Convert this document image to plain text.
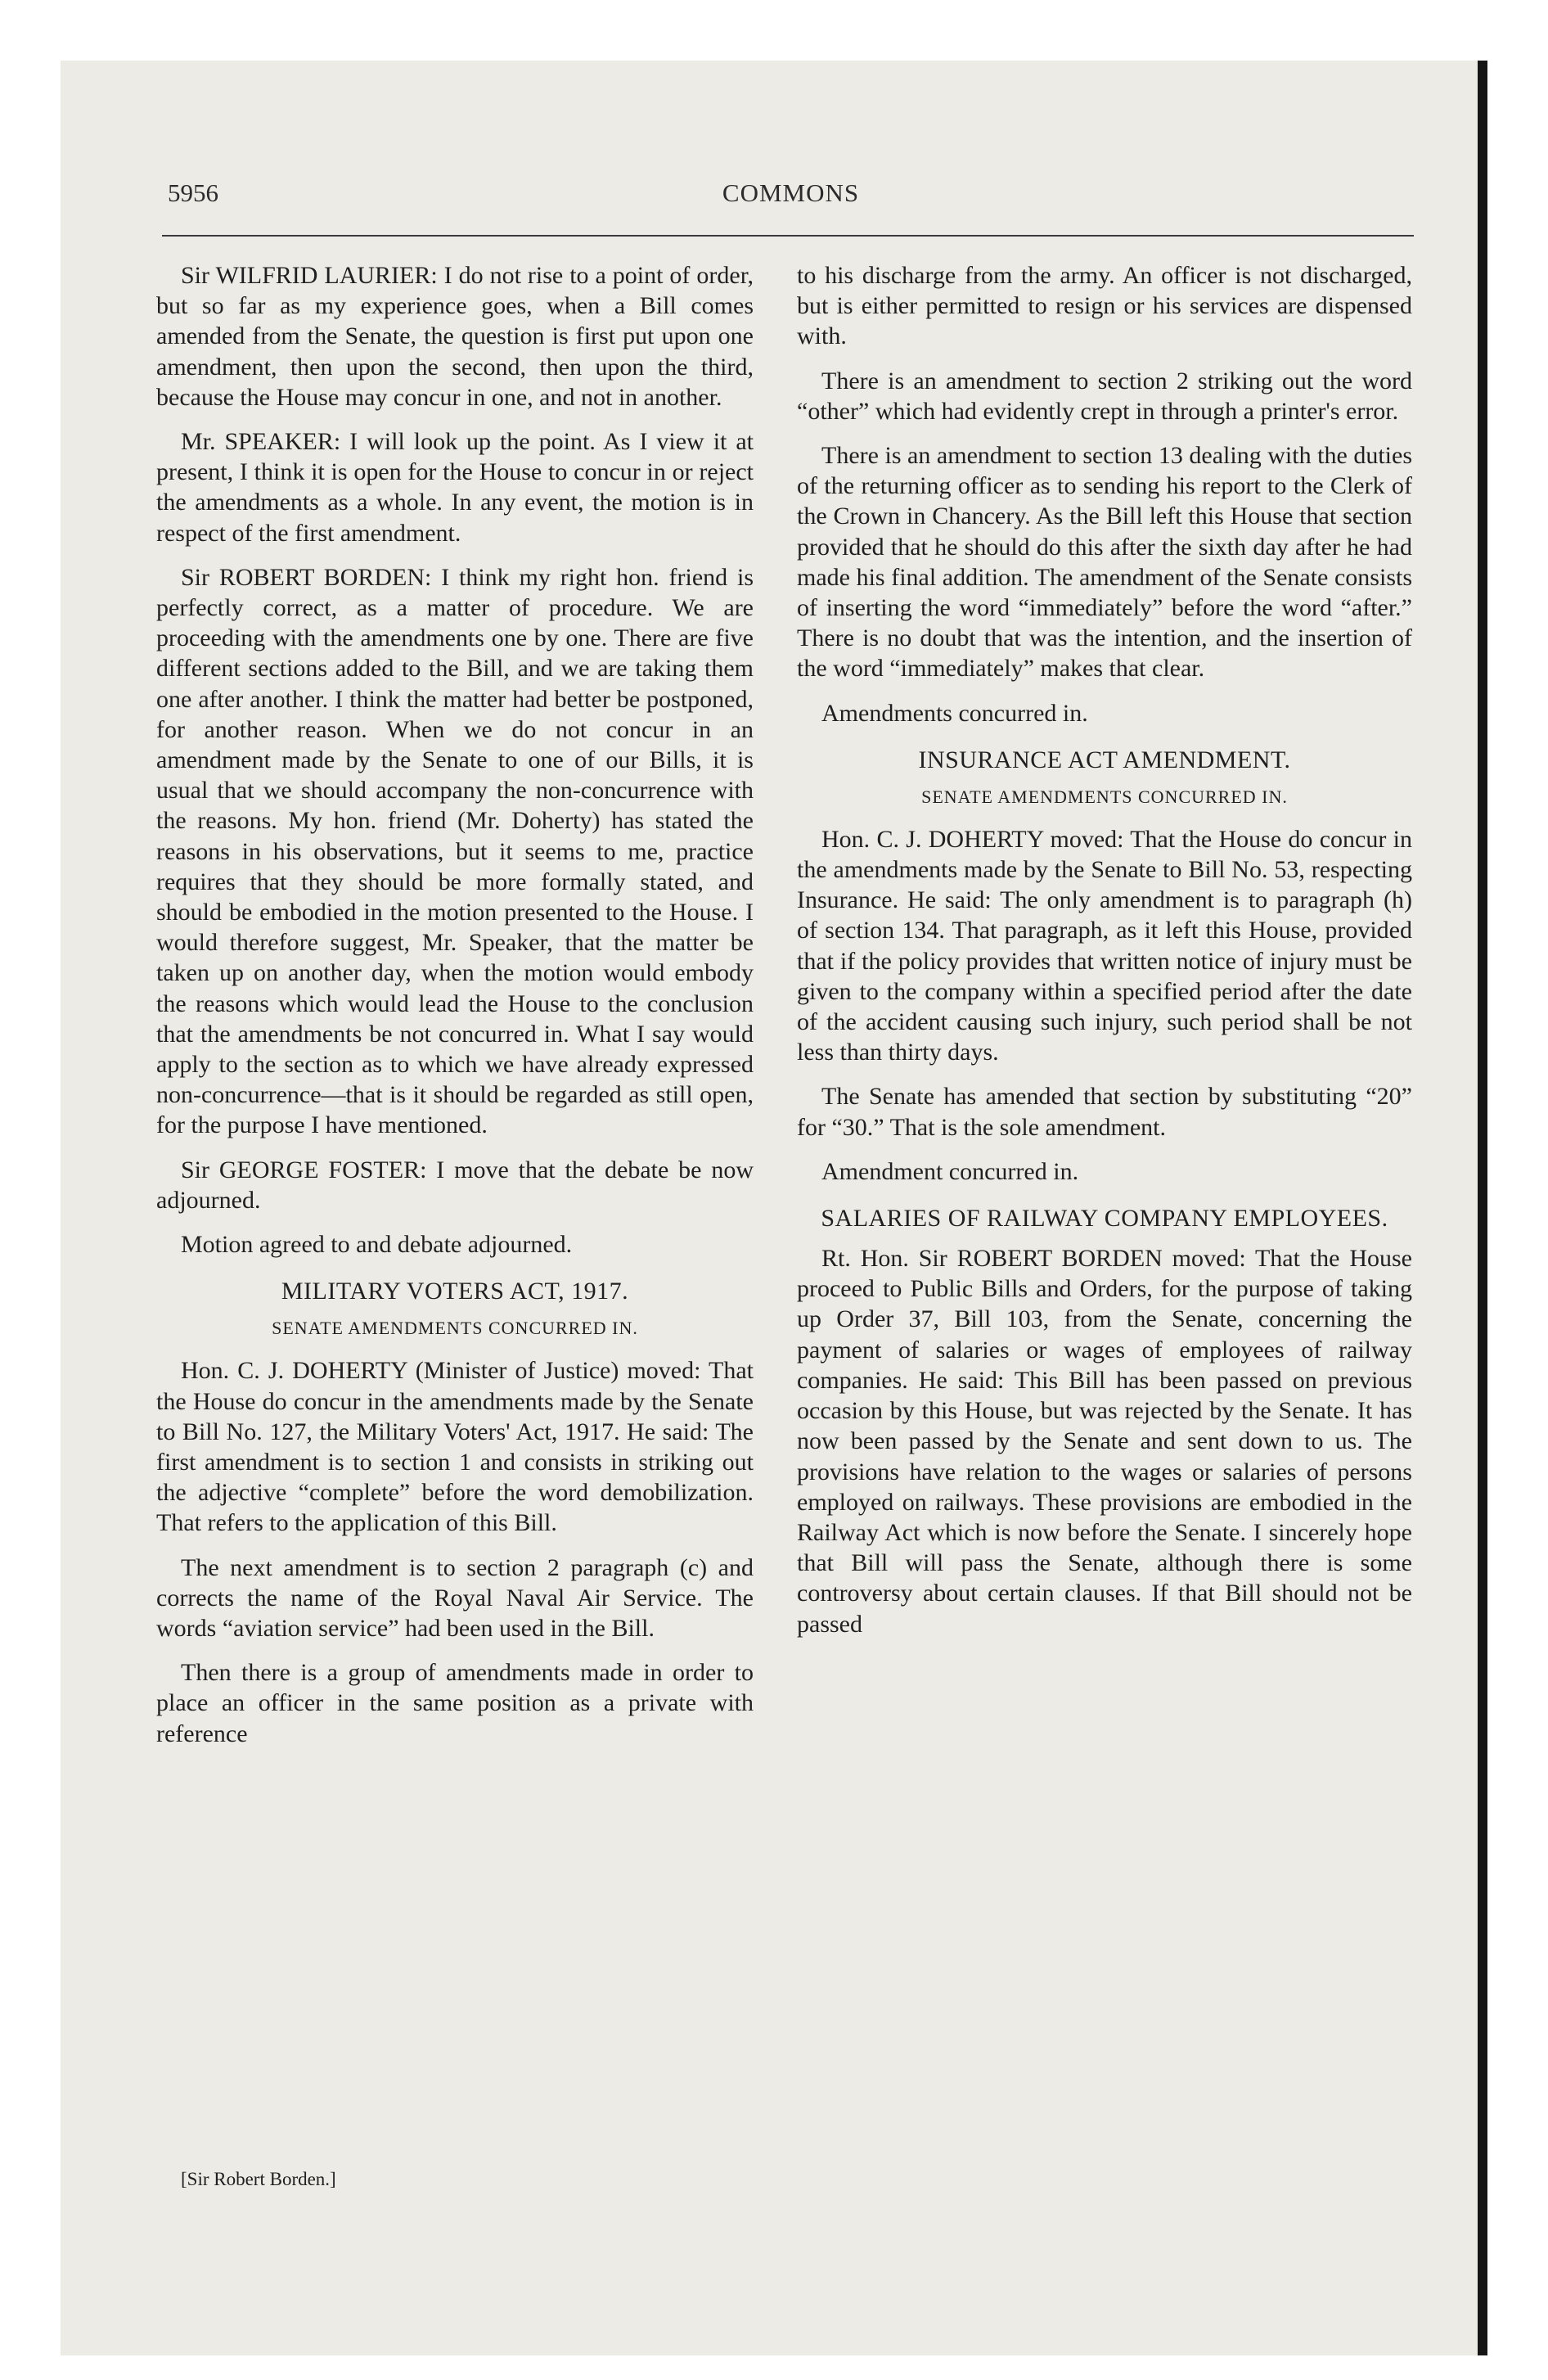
5956	COMMONS

Sir WILFRID LAURIER: I do not rise to a point of order, but so far as my experience goes, when a Bill comes amended from the Senate, the question is first put upon one amendment, then upon the second, then upon the third, because the House may concur in one, and not in another.

Mr. SPEAKER: I will look up the point. As I view it at present, I think it is open for the House to concur in or reject the amendments as a whole. In any event, the motion is in respect of the first amendment.

Sir ROBERT BORDEN: I think my right hon. friend is perfectly correct, as a matter of procedure. We are proceeding with the amendments one by one. There are five different sections added to the Bill, and we are taking them one after another. I think the matter had better be postponed, for another reason. When we do not concur in an amendment made by the Senate to one of our Bills, it is usual that we should accompany the non-concurrence with the reasons. My hon. friend (Mr. Doherty) has stated the reasons in his observations, but it seems to me, practice requires that they should be more formally stated, and should be embodied in the motion presented to the House. I would therefore suggest, Mr. Speaker, that the matter be taken up on another day, when the motion would embody the reasons which would lead the House to the conclusion that the amendments be not concurred in. What I say would apply to the section as to which we have already expressed non-concurrence—that is it should be regarded as still open, for the purpose I have mentioned.

Sir GEORGE FOSTER: I move that the debate be now adjourned.

Motion agreed to and debate adjourned.

MILITARY VOTERS ACT, 1917.
SENATE AMENDMENTS CONCURRED IN.

Hon. C. J. DOHERTY (Minister of Justice) moved: That the House do concur in the amendments made by the Senate to Bill No. 127, the Military Voters' Act, 1917. He said: The first amendment is to section 1 and consists in striking out the adjective “complete” before the word demobilization. That refers to the application of this Bill.

The next amendment is to section 2 paragraph (c) and corrects the name of the Royal Naval Air Service. The words “aviation service” had been used in the Bill.

Then there is a group of amendments made in order to place an officer in the same position as a private with reference

to his discharge from the army. An officer is not discharged, but is either permitted to resign or his services are dispensed with.

There is an amendment to section 2 striking out the word “other” which had evidently crept in through a printer's error.

There is an amendment to section 13 dealing with the duties of the returning officer as to sending his report to the Clerk of the Crown in Chancery. As the Bill left this House that section provided that he should do this after the sixth day after he had made his final addition. The amendment of the Senate consists of inserting the word “immediately” before the word “after.” There is no doubt that was the intention, and the insertion of the word “immediately” makes that clear.

Amendments concurred in.

INSURANCE ACT AMENDMENT.
SENATE AMENDMENTS CONCURRED IN.

Hon. C. J. DOHERTY moved: That the House do concur in the amendments made by the Senate to Bill No. 53, respecting Insurance. He said: The only amendment is to paragraph (h) of section 134. That paragraph, as it left this House, provided that if the policy provides that written notice of injury must be given to the company within a specified period after the date of the accident causing such injury, such period shall be not less than thirty days.

The Senate has amended that section by substituting “20” for “30.” That is the sole amendment.

Amendment concurred in.

SALARIES OF RAILWAY COMPANY EMPLOYEES.

Rt. Hon. Sir ROBERT BORDEN moved: That the House proceed to Public Bills and Orders, for the purpose of taking up Order 37, Bill 103, from the Senate, concerning the payment of salaries or wages of employees of railway companies. He said: This Bill has been passed on previous occasion by this House, but was rejected by the Senate. It has now been passed by the Senate and sent down to us. The provisions have relation to the wages or salaries of persons employed on railways. These provisions are embodied in the Railway Act which is now before the Senate. I sincerely hope that Bill will pass the Senate, although there is some controversy about certain clauses. If that Bill should not be passed

[Sir Robert Borden.]
